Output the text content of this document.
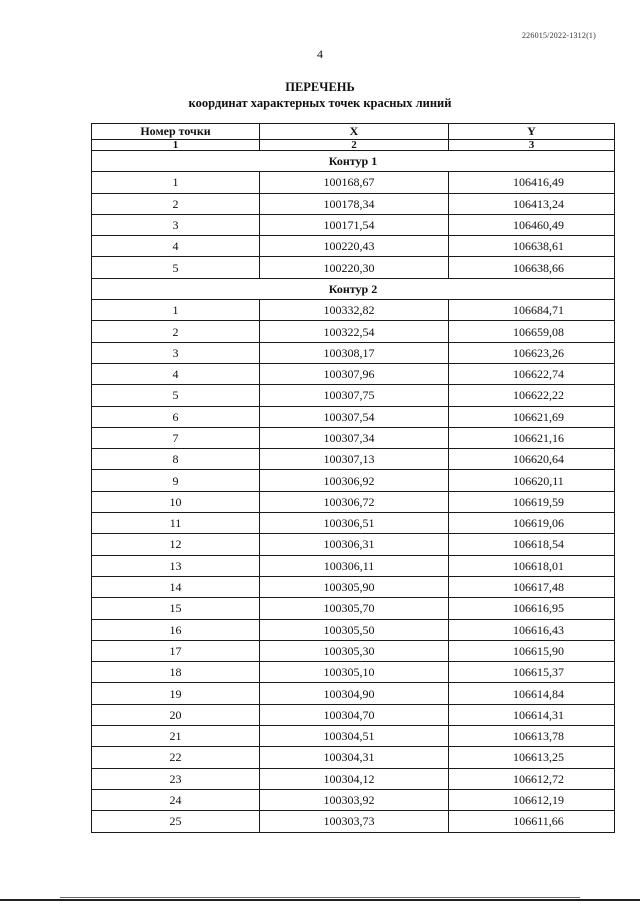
226015/2022-1312(1)
4
ПЕРЕЧЕНЬ
координат характерных точек красных линий
Номер точки	X	Y
1	2	3
Контур 1		
1	100168,67	106416,49
2	100178,34	106413,24
3	100171,54	106460,49
4	100220,43	106638,61
5	100220,30	106638,66
Контур 2		
1	100332,82	106684,71
2	100322,54	106659,08
3	100308,17	106623,26
4	100307,96	106622,74
5	100307,75	106622,22
6	100307,54	106621,69
7	100307,34	106621,16
8	100307,13	106620,64
9	100306,92	106620,11
10	100306,72	106619,59
11	100306,51	106619,06
12	100306,31	106618,54
13	100306,11	106618,01
14	100305,90	106617,48
15	100305,70	106616,95
16	100305,50	106616,43
17	100305,30	106615,90
18	100305,10	106615,37
19	100304,90	106614,84
20	100304,70	106614,31
21	100304,51	106613,78
22	100304,31	106613,25
23	100304,12	106612,72
24	100303,92	106612,19
25	100303,73	106611,66
